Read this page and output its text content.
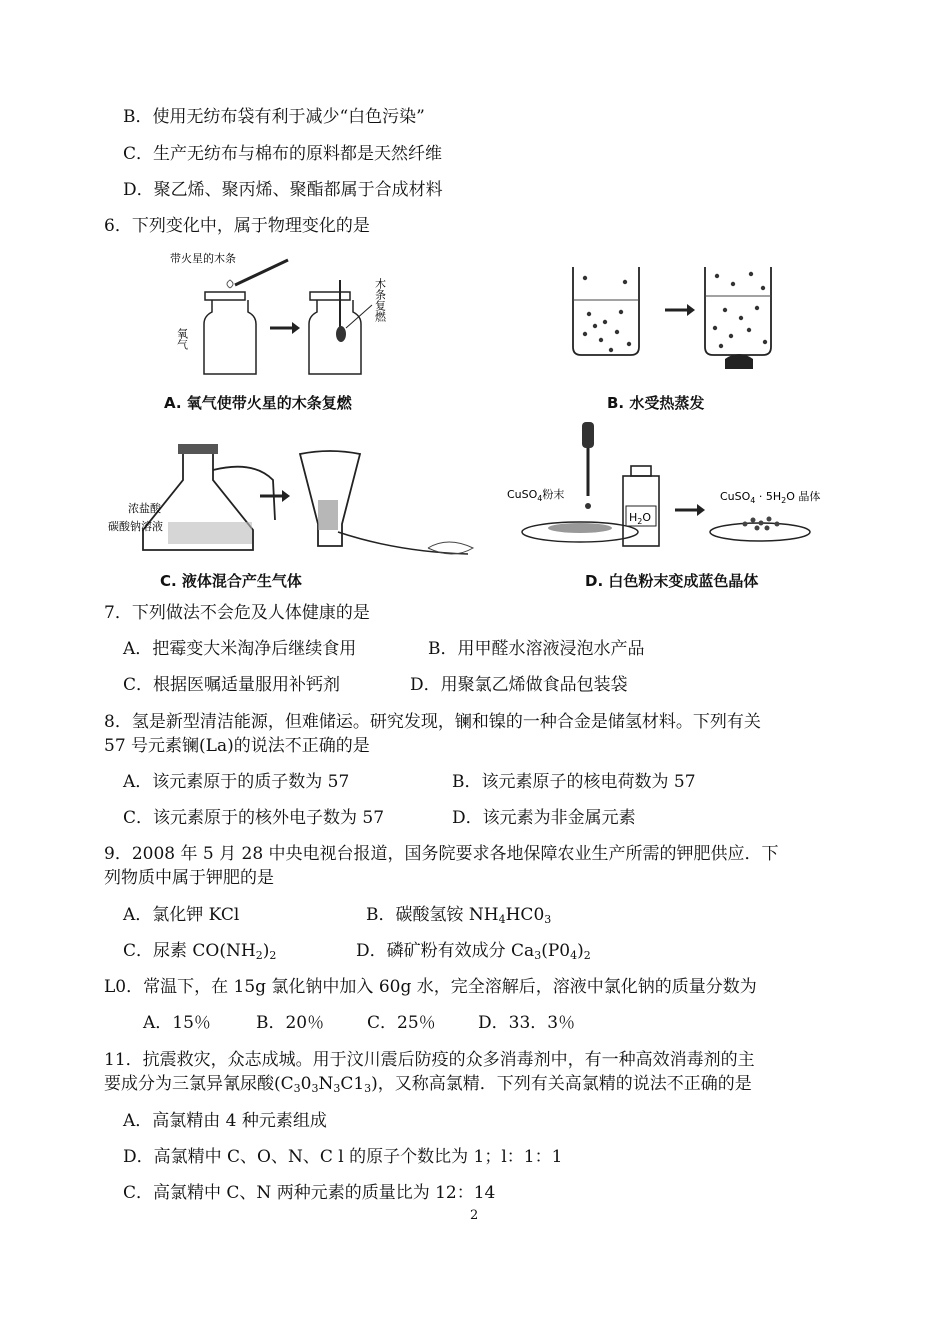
B．使用无纺布袋有利于减少“白色污染”
C．生产无纺布与棉布的原料都是天然纤维
D．聚乙烯、聚丙烯、聚酯都属于合成材料
6．下列变化中，属于物理变化的是
带火星的木条
氧气
木条复燃
A. 氧气使带火星的木条复燃	B. 水受热蒸发
浓盐酸
碳酸钠溶液
C. 液体混合产生气体
CuSO$_4$粉末
$H_2O$
CuSO$_4$ · $5H_2O$ 晶体
D. 白色粉末变成蓝色晶体
7．下列做法不会危及人体健康的是
A．把霉变大米淘净后继续食用	B．用甲醛水溶液浸泡水产品
C．根据医嘱适量服用补钙剂	D．用聚氯乙烯做食品包装袋
8．氢是新型清洁能源，但难储运。研究发现，镧和镍的一种合金是储氢材料。下列有关
57 号元素镧(La)的说法不正确的是
A．该元素原于的质子数为 57	B．该元素原子的核电荷数为 57
C．该元素原于的核外电子数为 57	D．该元素为非金属元素
9．2008 年 5 月 28 中央电视台报道，国务院要求各地保障农业生产所需的钾肥供应．下
列物质中属于钾肥的是
A．氯化钾 KCl	B．碳酸氢铵 $NH_4HC0_3$
C．尿素 $CO(NH_2)_2$	D．磷矿粉有效成分 $Ca_3(P0_4)_2$
L0．常温下，在 15g 氯化钠中加入 60g 水，完全溶解后，溶液中氯化钠的质量分数为
A．15％	B．20％	C．25％ D．33．3％
11．抗震救灾，众志成城。用于汶川震后防疫的众多消毒剂中，有一种高效消毒剂的主
要成分为三氯异氰尿酸$(C_30_3N_3C1_3)$，又称高氯精．下列有关高氯精的说法不正确的是
A．高氯精由 4 种元素组成
D．高氯精中 C、O、N、C l 的原子个数比为 1；l：1：1
C．高氯精中 C、N 两种元素的质量比为 12：14
2
